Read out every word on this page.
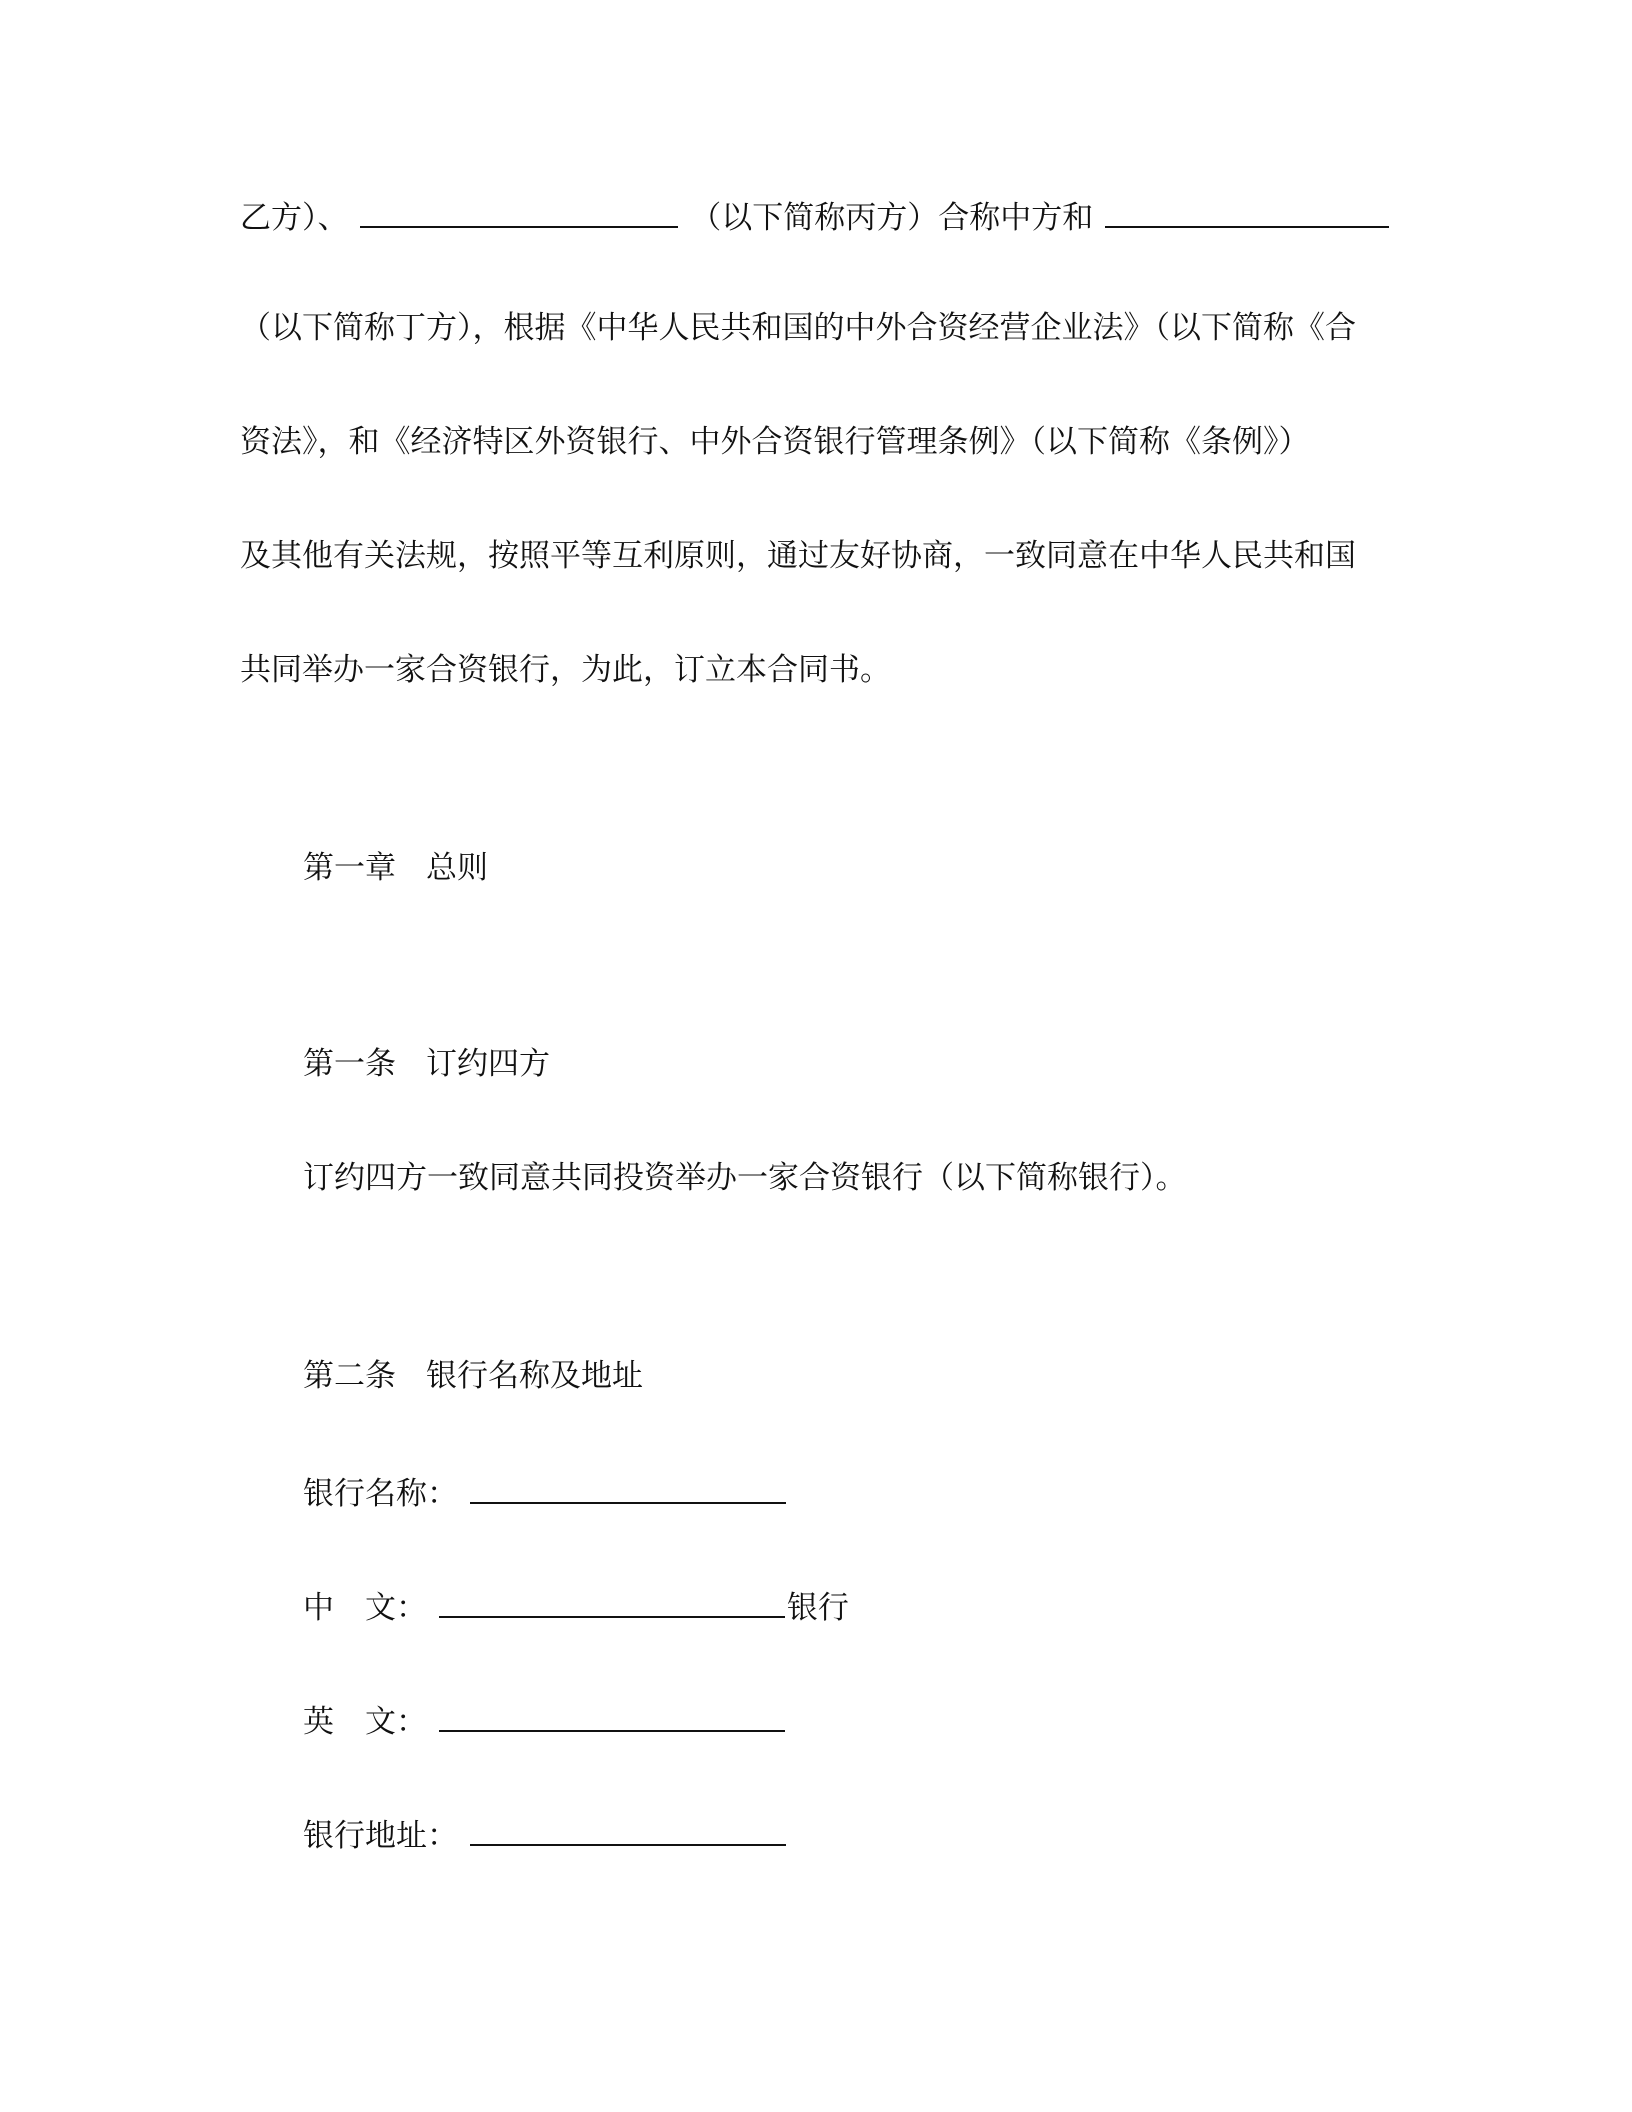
乙方）、	（以下简称丙方）合称中方和
（以下简称丁方），根据《中华人民共和国的中外合资经营企业法》（以下简称《合
资法》，和《经济特区外资银行、中外合资银行管理条例》（以下简称《条例》）
及其他有关法规，按照平等互利原则，通过友好协商，一致同意在中华人民共和国
共同举办一家合资银行，为此，订立本合同书。
第一章 总则
第一条 订约四方
订约四方一致同意共同投资举办一家合资银行（以下简称银行）。
第二条 银行名称及地址
银行名称：
中　文：	银行
英　文：
银行地址：
